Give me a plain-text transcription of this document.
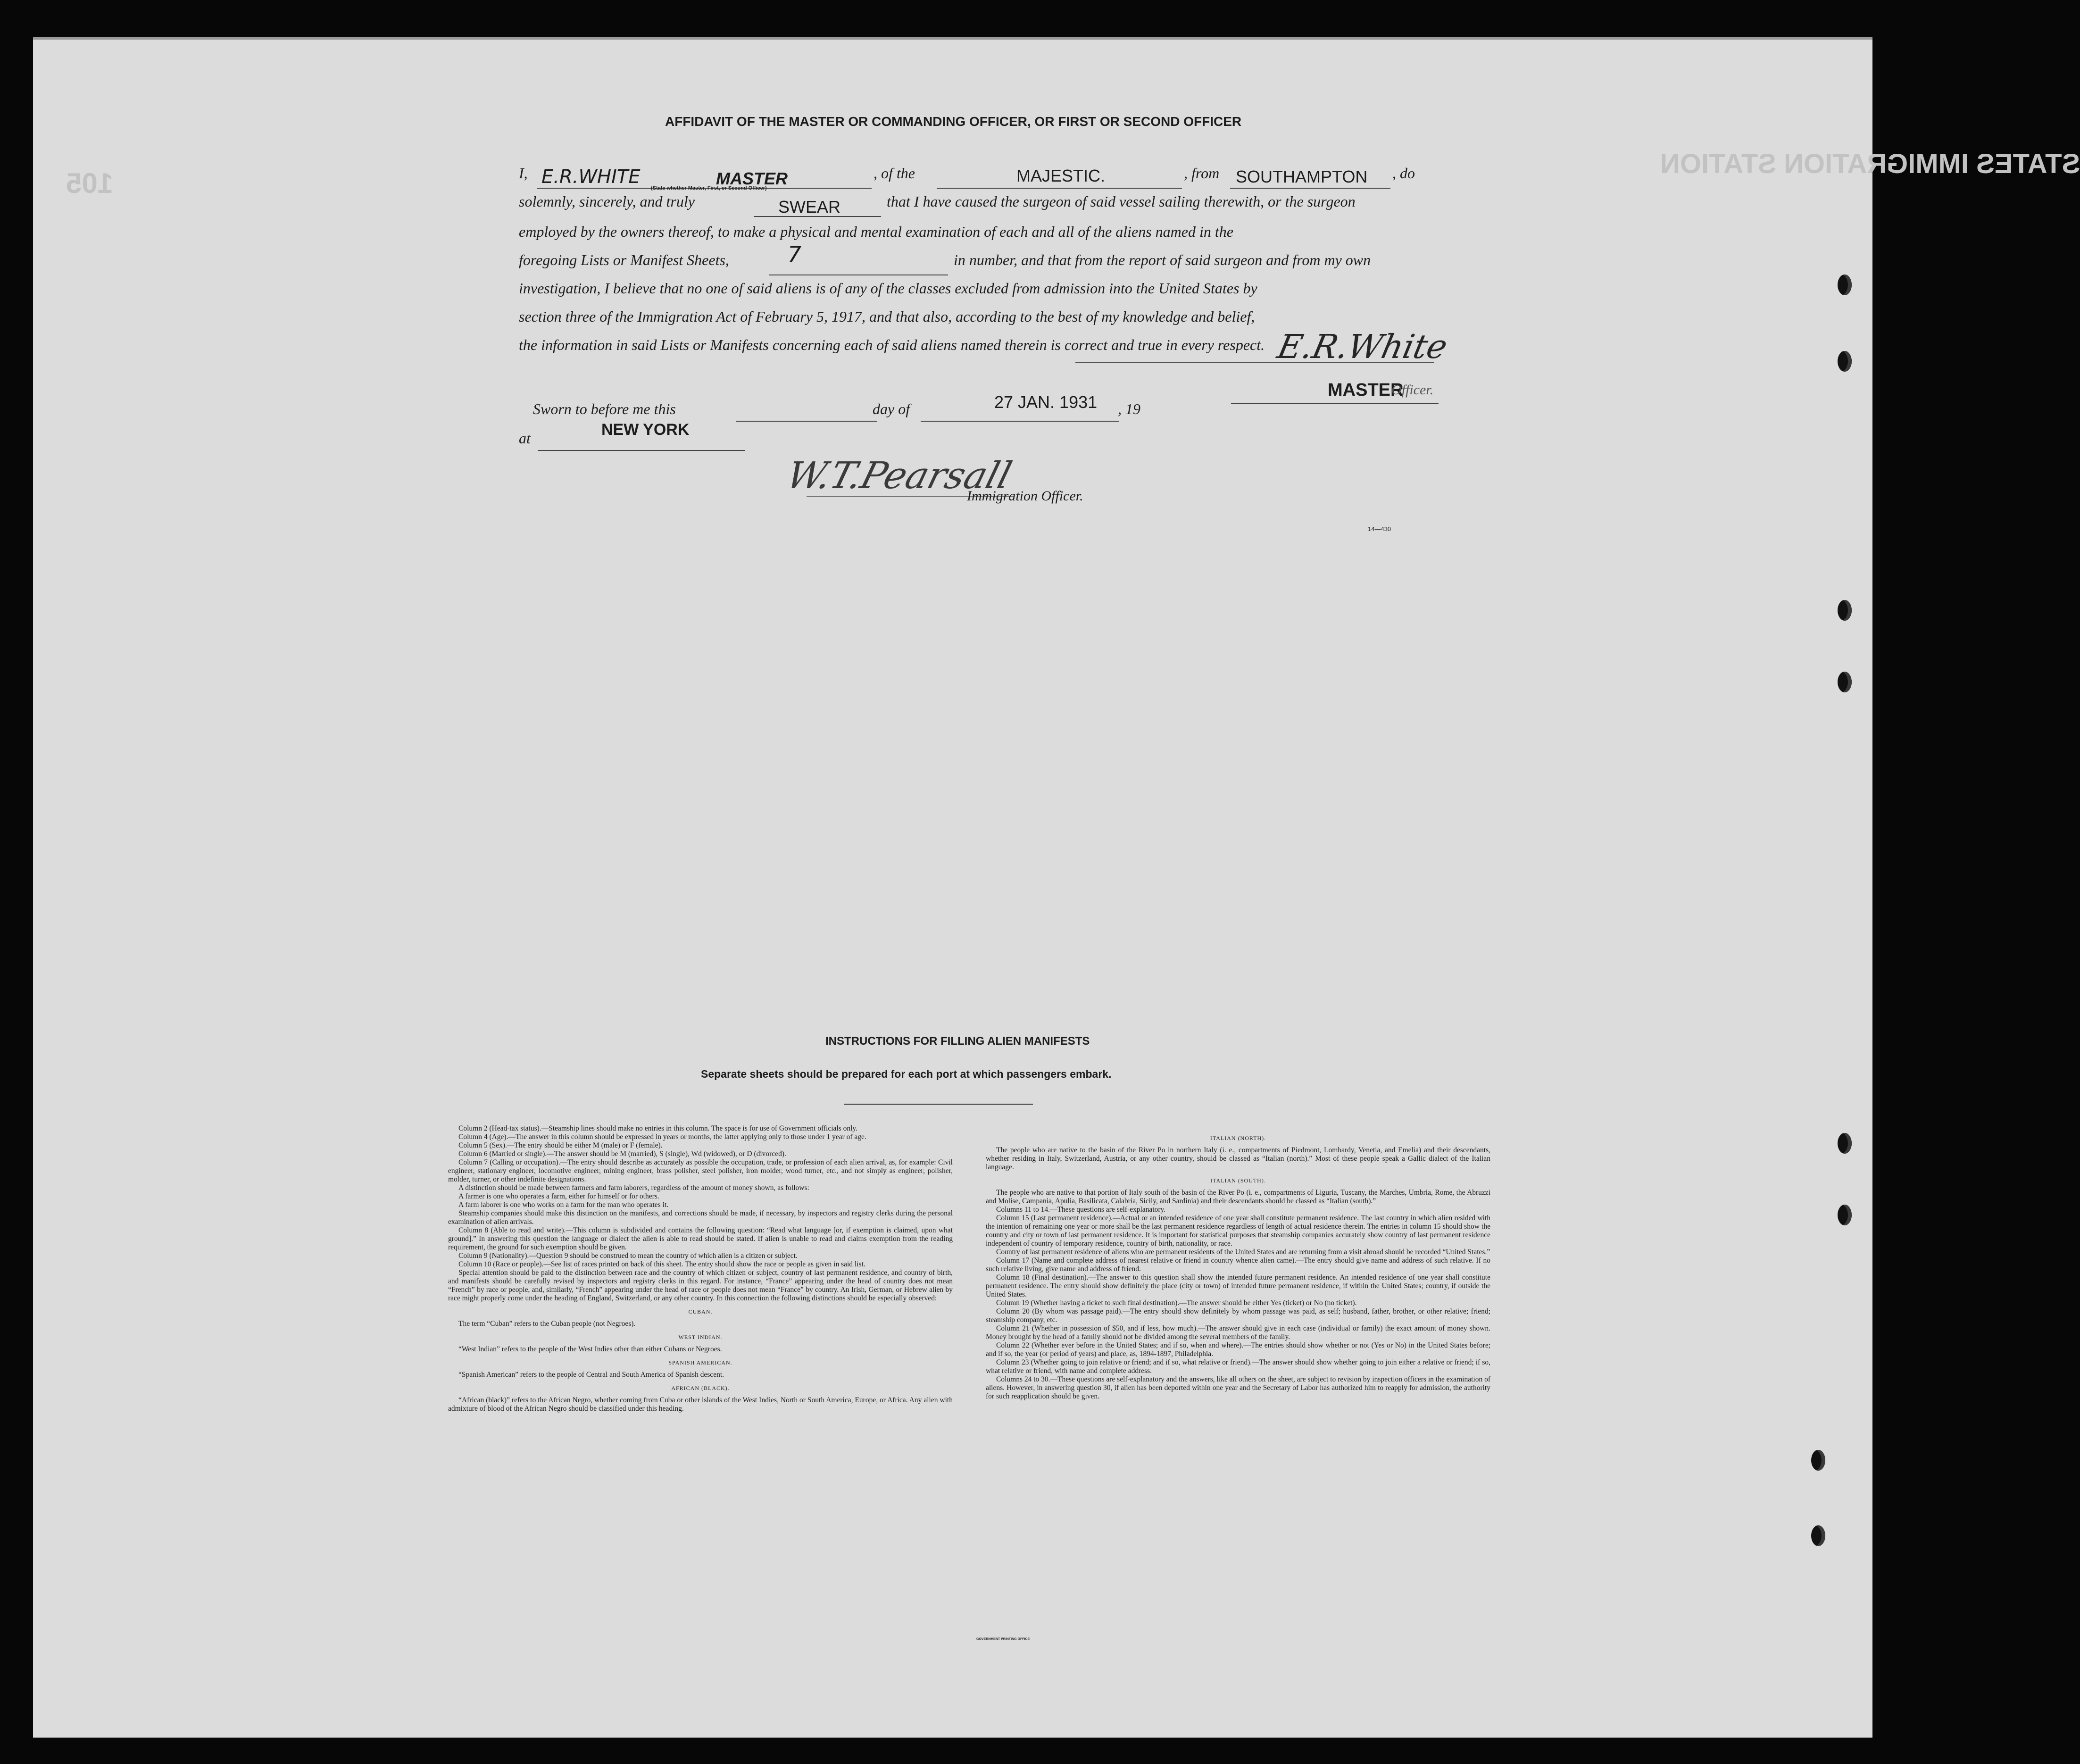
105
STATES IMMIGRATION STATION
AFFIDAVIT OF THE MASTER OR COMMANDING OFFICER, OR FIRST OR SECOND OFFICER
I, E.R.WHITE	MASTER
(State whether Master, First, or Second Officer)
, of the	MAJESTIC.	, from SOUTHAMPTON , do
solemnly, sincerely, and truly	SWEAR	that I have caused the surgeon of said vessel sailing therewith, or the surgeon
employed by the owners thereof, to make a physical and mental examination of each and all of the aliens named in the
foregoing Lists or Manifest Sheets,	7	in number, and that from the report of said surgeon and from my own
investigation, I believe that no one of said aliens is of any of the classes excluded from admission into the United States by
section three of the Immigration Act of February 5, 1917, and that also, according to the best of my knowledge and belief,
the information in said Lists or Manifests concerning each of said aliens named therein is correct and true in every respect. E.R.White
MASTER
Officer.
Sworn to before me this	day of	27 JAN. 1931 , 19
at	NEW YORK
W.T.Pearsall
Immigration Officer.
14—430
INSTRUCTIONS FOR FILLING ALIEN MANIFESTS
Separate sheets should be prepared for each port at which passengers embark.

Column 2 (Head-tax status).—Steamship lines should make no entries in this column. The space is for use of Government officials only.

Column 4 (Age).—The answer in this column should be expressed in years or months, the latter applying only to those under 1 year of age.

Column 5 (Sex).—The entry should be either M (male) or F (female).

Column 6 (Married or single).—The answer should be M (married), S (single), Wd (widowed), or D (divorced).

Column 7 (Calling or occupation).—The entry should describe as accurately as possible the occupation, trade, or profession of each alien arrival, as, for example: Civil engineer, stationary engineer, locomotive engineer, mining engineer, brass polisher, steel polisher, iron molder, wood turner, etc., and not simply as engineer, polisher, molder, turner, or other indefinite designations.

A distinction should be made between farmers and farm laborers, regardless of the amount of money shown, as follows:

A farmer is one who operates a farm, either for himself or for others.

A farm laborer is one who works on a farm for the man who operates it.

Steamship companies should make this distinction on the manifests, and corrections should be made, if necessary, by inspectors and registry clerks during the personal examination of alien arrivals.

Column 8 (Able to read and write).—This column is subdivided and contains the following question: “Read what language [or, if exemption is claimed, upon what ground].” In answering this question the language or dialect the alien is able to read should be stated. If alien is unable to read and claims exemption from the reading requirement, the ground for such exemption should be given.

Column 9 (Nationality).—Question 9 should be construed to mean the country of which alien is a citizen or subject.

Column 10 (Race or people).—See list of races printed on back of this sheet. The entry should show the race or people as given in said list.

Special attention should be paid to the distinction between race and the country of which citizen or subject, country of last permanent residence, and country of birth, and manifests should be carefully revised by inspectors and registry clerks in this regard. For instance, “France” appearing under the head of country does not mean “French” by race or people, and, similarly, “French” appearing under the head of race or people does not mean “France” by country. An Irish, German, or Hebrew alien by race might properly come under the heading of England, Switzerland, or any other country. In this connection the following distinctions should be especially observed:

CUBAN.

The term “Cuban” refers to the Cuban people (not Negroes).

WEST INDIAN.

“West Indian” refers to the people of the West Indies other than either Cubans or Negroes.

SPANISH AMERICAN.

“Spanish American” refers to the people of Central and South America of Spanish descent.

AFRICAN (BLACK).

“African (black)” refers to the African Negro, whether coming from Cuba or other islands of the West Indies, North or South America, Europe, or Africa. Any alien with admixture of blood of the African Negro should be classified under this heading.

ITALIAN (NORTH).

The people who are native to the basin of the River Po in northern Italy (i. e., compartments of Piedmont, Lombardy, Venetia, and Emelia) and their descendants, whether residing in Italy, Switzerland, Austria, or any other country, should be classed as “Italian (north).” Most of these people speak a Gallic dialect of the Italian language.

ITALIAN (SOUTH).

The people who are native to that portion of Italy south of the basin of the River Po (i. e., compartments of Liguria, Tuscany, the Marches, Umbria, Rome, the Abruzzi and Molise, Campania, Apulia, Basilicata, Calabria, Sicily, and Sardinia) and their descendants should be classed as “Italian (south).”

Columns 11 to 14.—These questions are self-explanatory.

Column 15 (Last permanent residence).—Actual or an intended residence of one year shall constitute permanent residence. The last country in which alien resided with the intention of remaining one year or more shall be the last permanent residence regardless of length of actual residence therein. The entries in column 15 should show the country and city or town of last permanent residence. It is important for statistical purposes that steamship companies accurately show country of last permanent residence independent of country of temporary residence, country of birth, nationality, or race.

Country of last permanent residence of aliens who are permanent residents of the United States and are returning from a visit abroad should be recorded “United States.”

Column 17 (Name and complete address of nearest relative or friend in country whence alien came).—The entry should give name and address of such relative. If no such relative living, give name and address of friend.

Column 18 (Final destination).—The answer to this question shall show the intended future permanent residence. An intended residence of one year shall constitute permanent residence. The entry should show definitely the place (city or town) of intended future permanent residence, if within the United States; country, if outside the United States.

Column 19 (Whether having a ticket to such final destination).—The answer should be either Yes (ticket) or No (no ticket).

Column 20 (By whom was passage paid).—The entry should show definitely by whom passage was paid, as self; husband, father, brother, or other relative; friend; steamship company, etc.

Column 21 (Whether in possession of $50, and if less, how much).—The answer should give in each case (individual or family) the exact amount of money shown. Money brought by the head of a family should not be divided among the several members of the family.

Column 22 (Whether ever before in the United States; and if so, when and where).—The entries should show whether or not (Yes or No) in the United States before; and if so, the year (or period of years) and place, as, 1894-1897, Philadelphia.

Column 23 (Whether going to join relative or friend; and if so, what relative or friend).—The answer should show whether going to join either a relative or friend; if so, what relative or friend, with name and complete address.

Columns 24 to 30.—These questions are self-explanatory and the answers, like all others on the sheet, are subject to revision by inspection officers in the examination of aliens. However, in answering question 30, if alien has been deported within one year and the Secretary of Labor has authorized him to reapply for admission, the authority for such reapplication should be given.

GOVERNMENT PRINTING OFFICE
